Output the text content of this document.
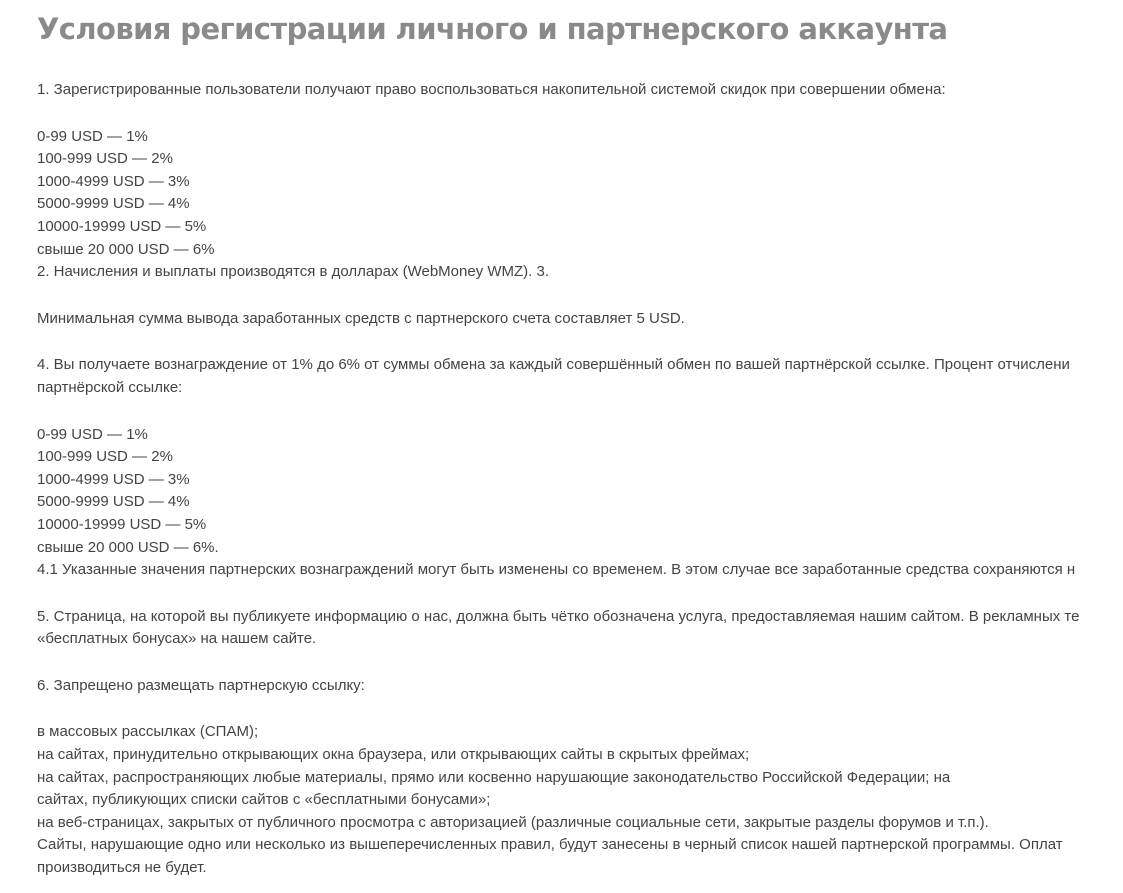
Условия регистрации личного и партнерского аккаунта
1. Зарегистрированные пользователи получают право воспользоваться накопительной системой скидок при совершении обмена:
0-99 USD — 1%
100-999 USD — 2%
1000-4999 USD — 3%
5000-9999 USD — 4%
10000-19999 USD — 5%
свыше 20 000 USD — 6%
2. Начисления и выплаты производятся в долларах (WebMoney WMZ). 3.
Минимальная сумма вывода заработанных средств с партнерского счета составляет 5 USD.
4. Вы получаете вознаграждение от 1% до 6% от суммы обмена за каждый совершённый обмен по вашей партнёрской ссылке. Процент отчислени
партнёрской ссылке:
0-99 USD — 1%
100-999 USD — 2%
1000-4999 USD — 3%
5000-9999 USD — 4%
10000-19999 USD — 5%
свыше 20 000 USD — 6%.
4.1 Указанные значения партнерских вознаграждений могут быть изменены со временем. В этом случае все заработанные средства сохраняются н
5. Страница, на которой вы публикуете информацию о нас, должна быть чётко обозначена услуга, предоставляемая нашим сайтом. В рекламных те
«бесплатных бонусах» на нашем сайте.
6. Запрещено размещать партнерскую ссылку:
в массовых рассылках (СПАМ);
на сайтах, принудительно открывающих окна браузера, или открывающих сайты в скрытых фреймах;
на сайтах, распространяющих любые материалы, прямо или косвенно нарушающие законодательство Российской Федерации; на
сайтах, публикующих списки сайтов с «бесплатными бонусами»;
на веб-страницах, закрытых от публичного просмотра с авторизацией (различные социальные сети, закрытые разделы форумов и т.п.).
Сайты, нарушающие одно или несколько из вышеперечисленных правил, будут занесены в черный список нашей партнерской программы. Оплат
производиться не будет.
